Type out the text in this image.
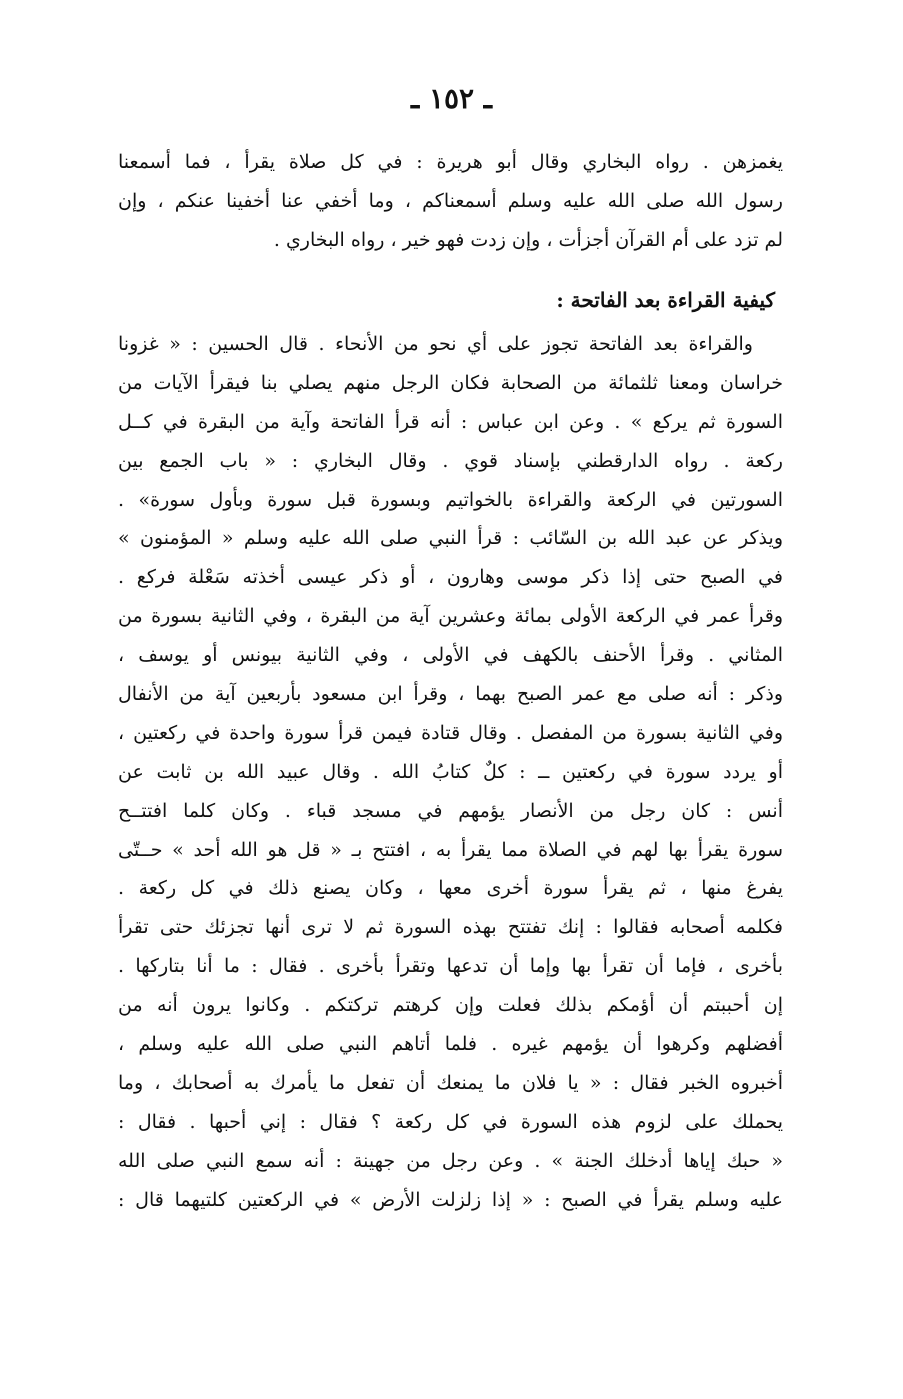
ـ ١٥٢ ـ
يغمزهن . رواه البخاري وقال أبو هريرة : في كل صلاة يقرأ ، فما أسمعنا
رسول الله صلى الله عليه وسلم أسمعناكم ، وما أخفي عنا أخفينا عنكم ، وإن
لم تزد على أم القرآن أجزأت ، وإن زدت فهو خير ، رواه البخاري .
كيفية القراءة بعد الفاتحة :
والقراءة بعد الفاتحة تجوز على أي نحو من الأنحاء . قال الحسين : « غزونا
خراسان ومعنا ثلثمائة من الصحابة فكان الرجل منهم يصلي بنا فيقرأ الآيات من
السورة ثم يركع » . وعن ابن عباس : أنه قرأ الفاتحة وآية من البقرة في كــل
ركعة . رواه الدارقطني بإسناد قوي . وقال البخاري : « باب الجمع بين
السورتين في الركعة والقراءة بالخواتيم وبسورة قبل سورة وبأول سورة» .
ويذكر عن عبد الله بن السّائب : قرأ النبي صلى الله عليه وسلم « المؤمنون »
في الصبح حتى إذا ذكر موسى وهارون ، أو ذكر عيسى أخذته سَعْلة فركع .
وقرأ عمر في الركعة الأولى بمائة وعشرين آية من البقرة ، وفي الثانية بسورة من
المثاني . وقرأ الأحنف بالكهف في الأولى ، وفي الثانية بيونس أو يوسف ،
وذكر : أنه صلى مع عمر الصبح بهما ، وقرأ ابن مسعود بأربعين آية من الأنفال
وفي الثانية بسورة من المفصل . وقال قتادة فيمن قرأ سورة واحدة في ركعتين ،
أو يردد سورة في ركعتين ــ : كلٌ كتابُ الله . وقال عبيد الله بن ثابت عن
أنس : كان رجل من الأنصار يؤمهم في مسجد قباء . وكان كلما افتتــح
سورة يقرأ بها لهم في الصلاة مما يقرأ به ، افتتح بـ « قل هو الله أحد » حــتّى
يفرغ منها ، ثم يقرأ سورة أخرى معها ، وكان يصنع ذلك في كل ركعة .
فكلمه أصحابه فقالوا : إنك تفتتح بهذه السورة ثم لا ترى أنها تجزئك حتى تقرأ
بأخرى ، فإما أن تقرأ بها وإما أن تدعها وتقرأ بأخرى . فقال : ما أنا بتاركها .
إن أحببتم أن أؤمكم بذلك فعلت وإن كرهتم تركتكم . وكانوا يرون أنه من
أفضلهم وكرهوا أن يؤمهم غيره . فلما أتاهم النبي صلى الله عليه وسلم ،
أخبروه الخبر فقال : « يا فلان ما يمنعك أن تفعل ما يأمرك به أصحابك ، وما
يحملك على لزوم هذه السورة في كل ركعة ؟ فقال : إني أحبها . فقال :
« حبك إياها أدخلك الجنة » . وعن رجل من جهينة : أنه سمع النبي صلى الله
عليه وسلم يقرأ في الصبح : « إذا زلزلت الأرض » في الركعتين كلتيهما قال :
